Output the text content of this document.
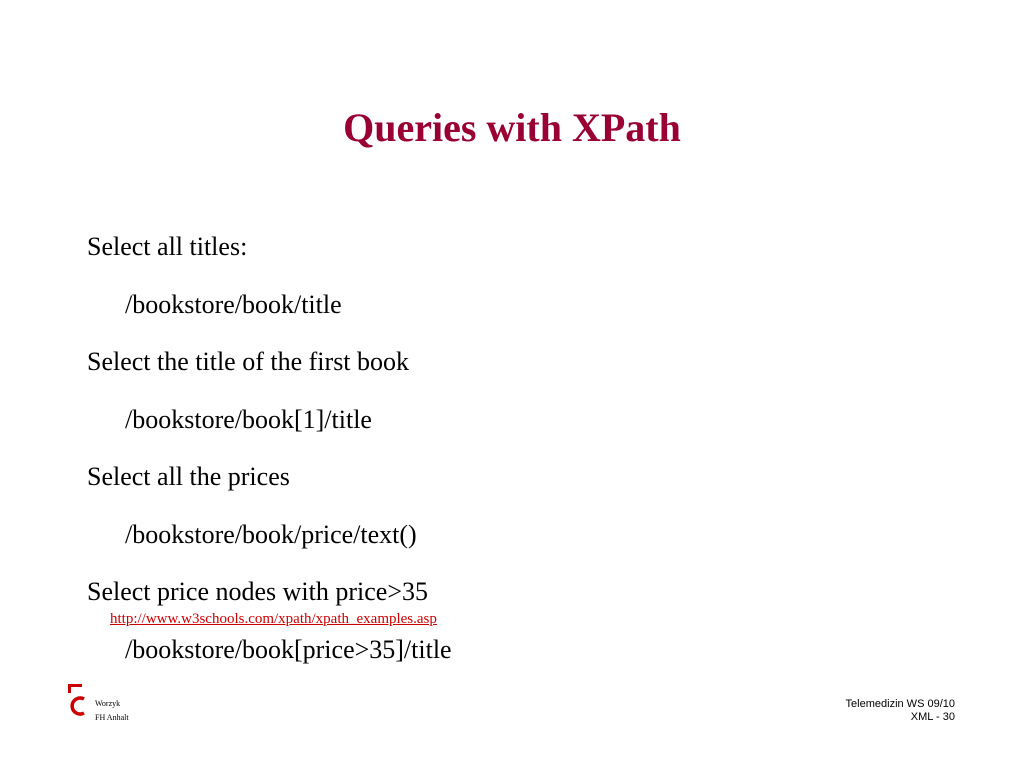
Queries with XPath
Select all titles:
/bookstore/book/title
Select the title of the first book
/bookstore/book[1]/title
Select all the prices
/bookstore/book/price/text()
Select price nodes with price>35
http://www.w3schools.com/xpath/xpath_examples.asp
/bookstore/book[price>35]/title
Worzyk
FH Anhalt
Telemedizin WS 09/10
XML - 30
